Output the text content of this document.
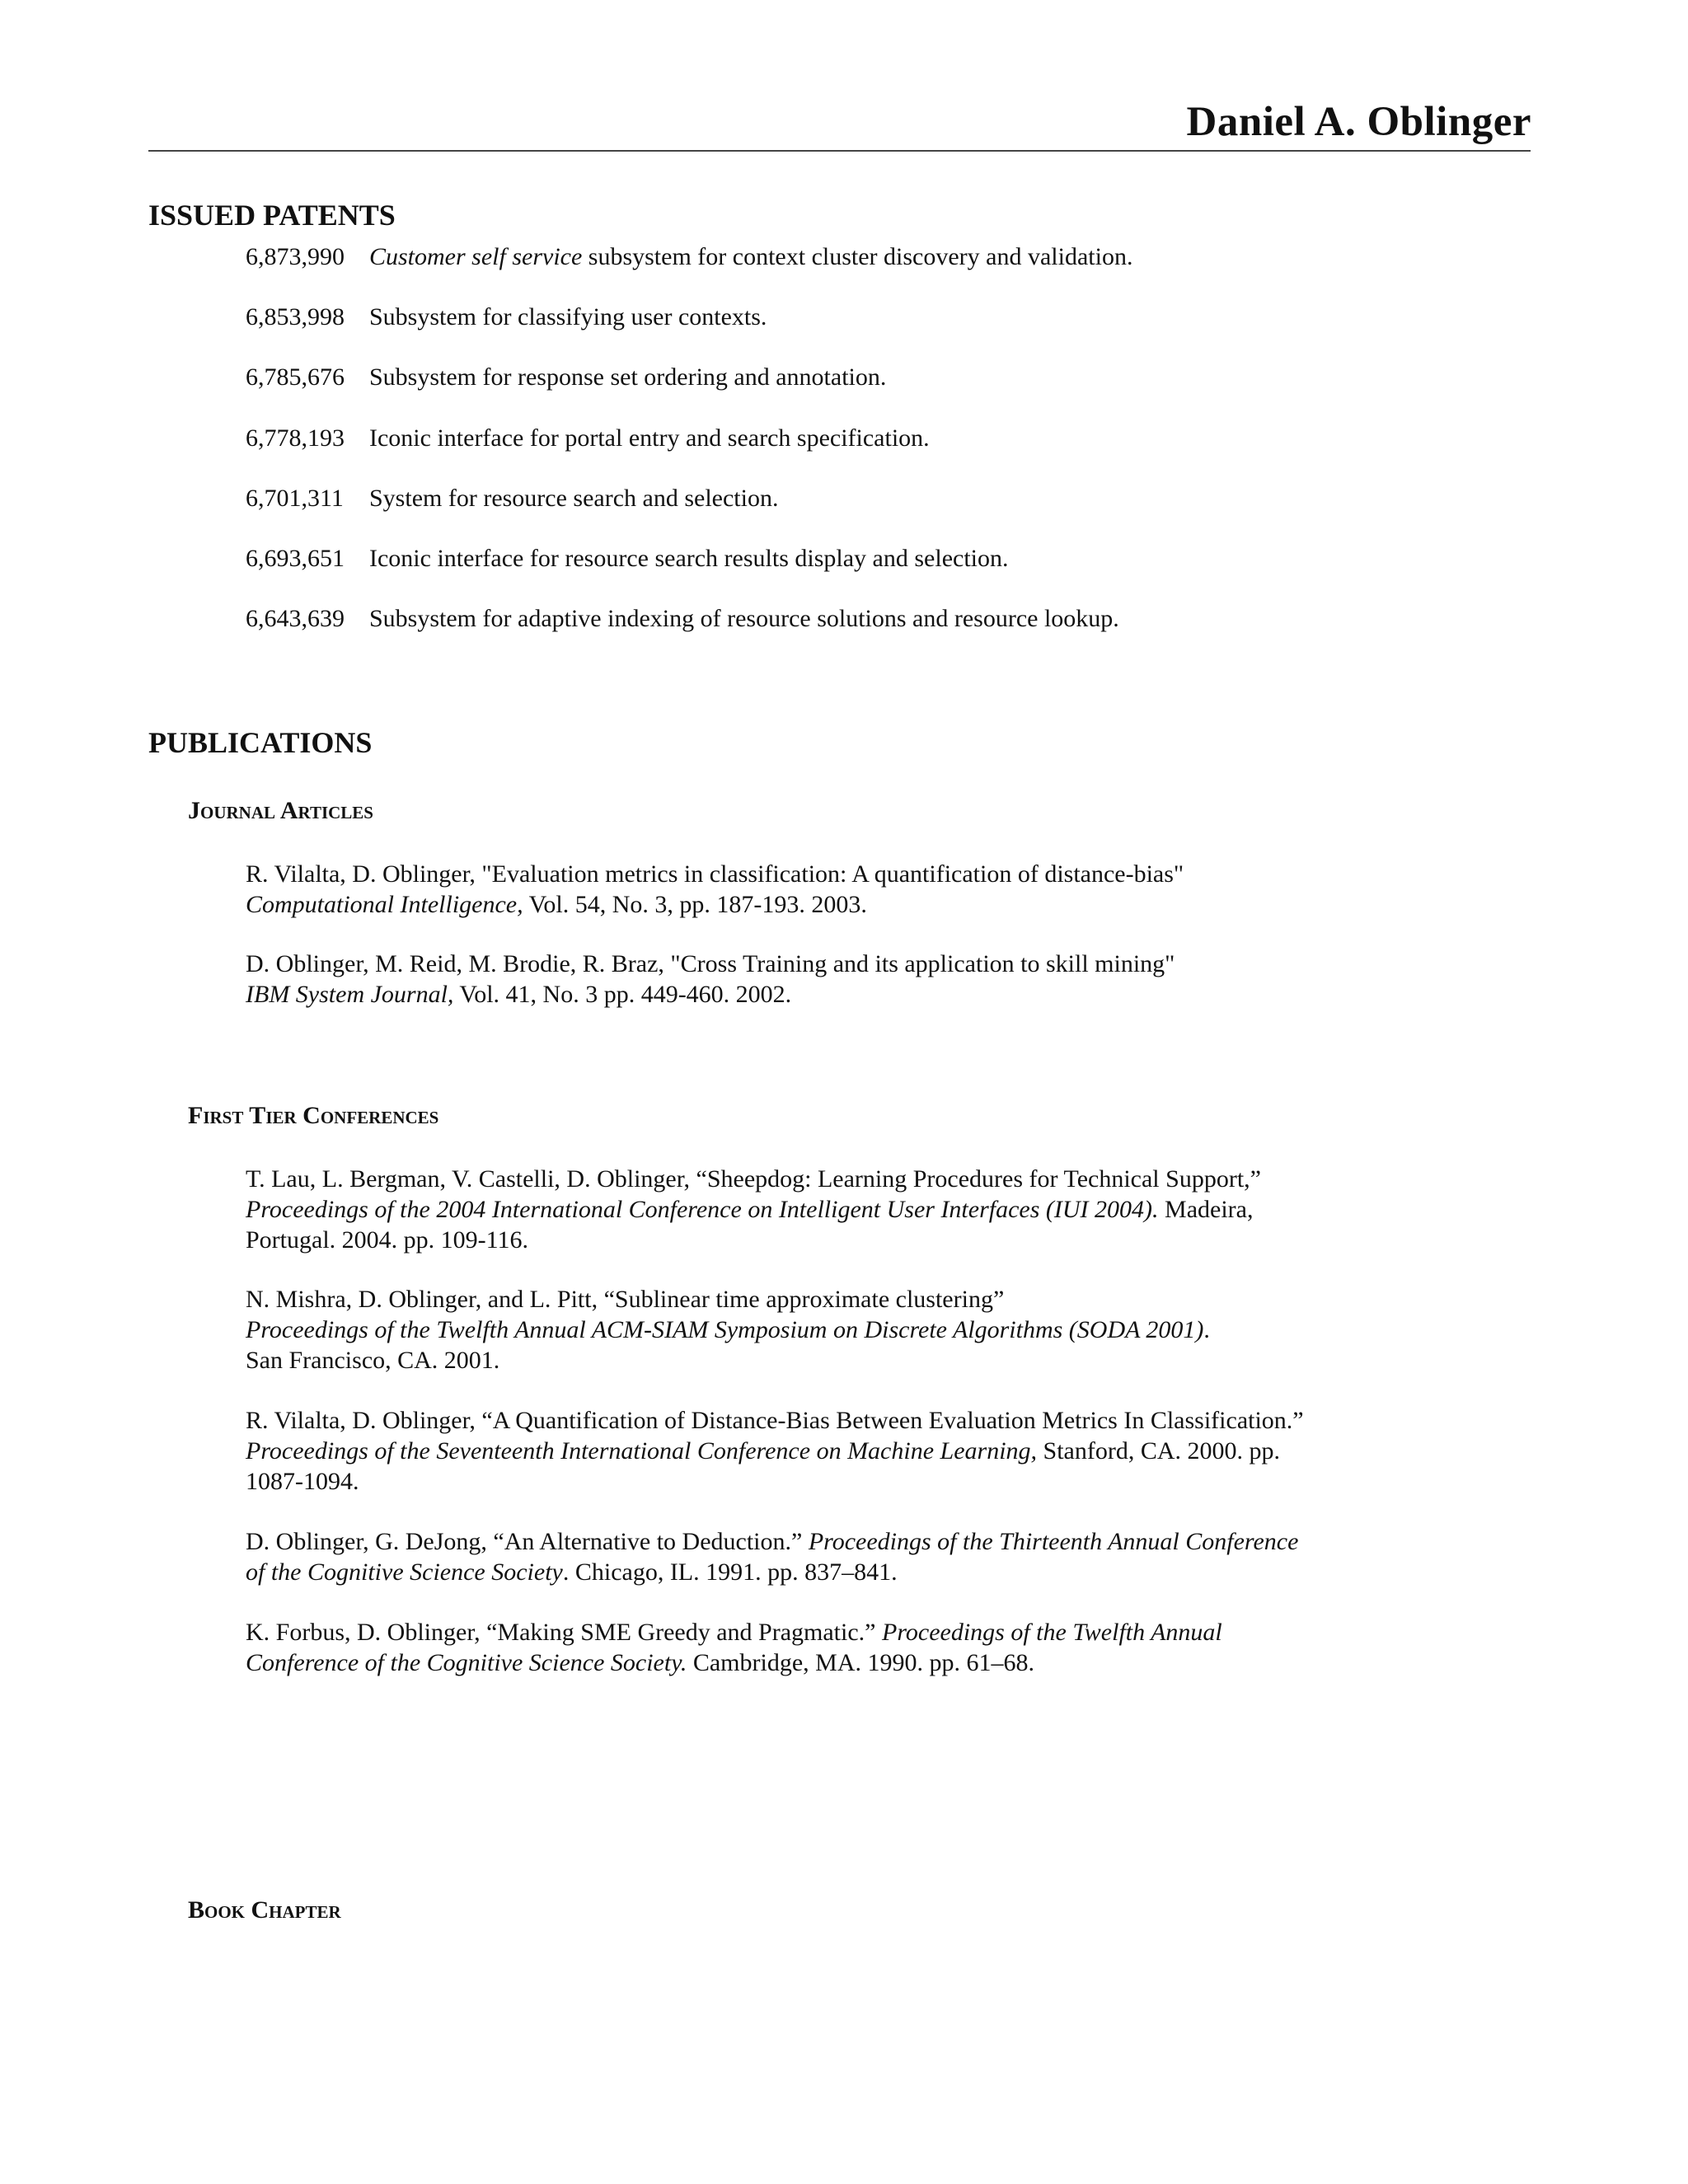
Daniel A. Oblinger
ISSUED PATENTS
6,873,990 Customer self service subsystem for context cluster discovery and validation.
6,853,998 Subsystem for classifying user contexts.
6,785,676 Subsystem for response set ordering and annotation.
6,778,193 Iconic interface for portal entry and search specification.
6,701,311 System for resource search and selection.
6,693,651 Iconic interface for resource search results display and selection.
6,643,639 Subsystem for adaptive indexing of resource solutions and resource lookup.
PUBLICATIONS
Journal Articles
R. Vilalta, D. Oblinger, "Evaluation metrics in classification: A quantification of distance-bias"
Computational Intelligence, Vol. 54, No. 3, pp. 187-193. 2003.
D. Oblinger, M. Reid, M. Brodie, R. Braz, "Cross Training and its application to skill mining"
IBM System Journal, Vol. 41, No. 3 pp. 449-460. 2002.
First Tier Conferences
T. Lau, L. Bergman, V. Castelli, D. Oblinger, “Sheepdog: Learning Procedures for Technical Support,”
Proceedings of the 2004 International Conference on Intelligent User Interfaces (IUI 2004). Madeira,
Portugal. 2004. pp. 109-116.
N. Mishra, D. Oblinger, and L. Pitt, “Sublinear time approximate clustering”
Proceedings of the Twelfth Annual ACM-SIAM Symposium on Discrete Algorithms (SODA 2001).
San Francisco, CA. 2001.
R. Vilalta, D. Oblinger, “A Quantification of Distance-Bias Between Evaluation Metrics In Classification.”
Proceedings of the Seventeenth International Conference on Machine Learning, Stanford, CA. 2000. pp.
1087-1094.
D. Oblinger, G. DeJong, “An Alternative to Deduction.” Proceedings of the Thirteenth Annual Conference
of the Cognitive Science Society. Chicago, IL. 1991. pp. 837–841.
K. Forbus, D. Oblinger, “Making SME Greedy and Pragmatic.” Proceedings of the Twelfth Annual
Conference of the Cognitive Science Society. Cambridge, MA. 1990. pp. 61–68.
Book Chapter
